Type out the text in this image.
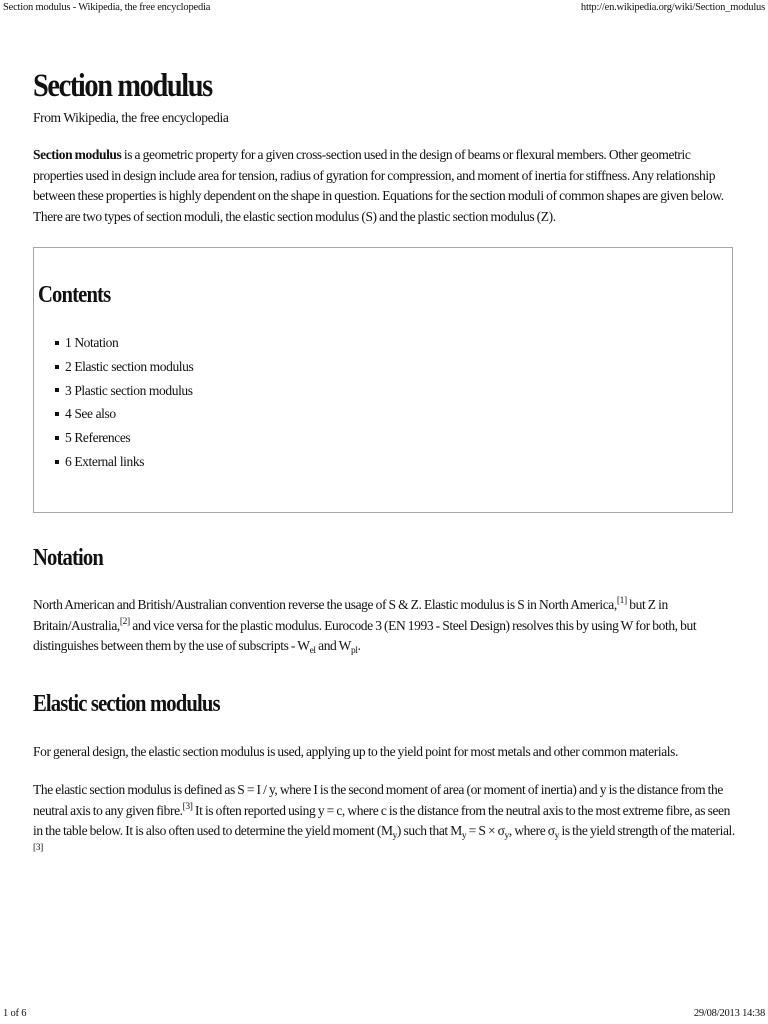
Section modulus - Wikipedia, the free encyclopedia	http://en.wikipedia.org/wiki/Section_modulus
Section modulus
From Wikipedia, the free encyclopedia

Section modulus is a geometric property for a given cross-section used in the design of beams or flexural members. Other geometric properties used in design include area for tension, radius of gyration for compression, and moment of inertia for stiffness. Any relationship between these properties is highly dependent on the shape in question. Equations for the section moduli of common shapes are given below. There are two types of section moduli, the elastic section modulus (S) and the plastic section modulus (Z).

Contents
1 Notation
2 Elastic section modulus
3 Plastic section modulus
4 See also
5 References
6 External links
Notation

North American and British/Australian convention reverse the usage of S & Z. Elastic modulus is S in North America,[1] but Z in Britain/Australia,[2] and vice versa for the plastic modulus. Eurocode 3 (EN 1993 - Steel Design) resolves this by using W for both, but distinguishes between them by the use of subscripts - $W_{el}$ and $W_{pl}$.

Elastic section modulus

For general design, the elastic section modulus is used, applying up to the yield point for most metals and other common materials.

The elastic section modulus is defined as S = I / y, where I is the second moment of area (or moment of inertia) and y is the distance from the neutral axis to any given fibre.[3] It is often reported using y = c, where c is the distance from the neutral axis to the most extreme fibre, as seen in the table below. It is also often used to determine the yield moment $(M_y)$ such that $M_y = S \times \sigma_y$, where $\sigma_y$ is the yield strength of the material.[3]

1 of 6	29/08/2013 14:38
